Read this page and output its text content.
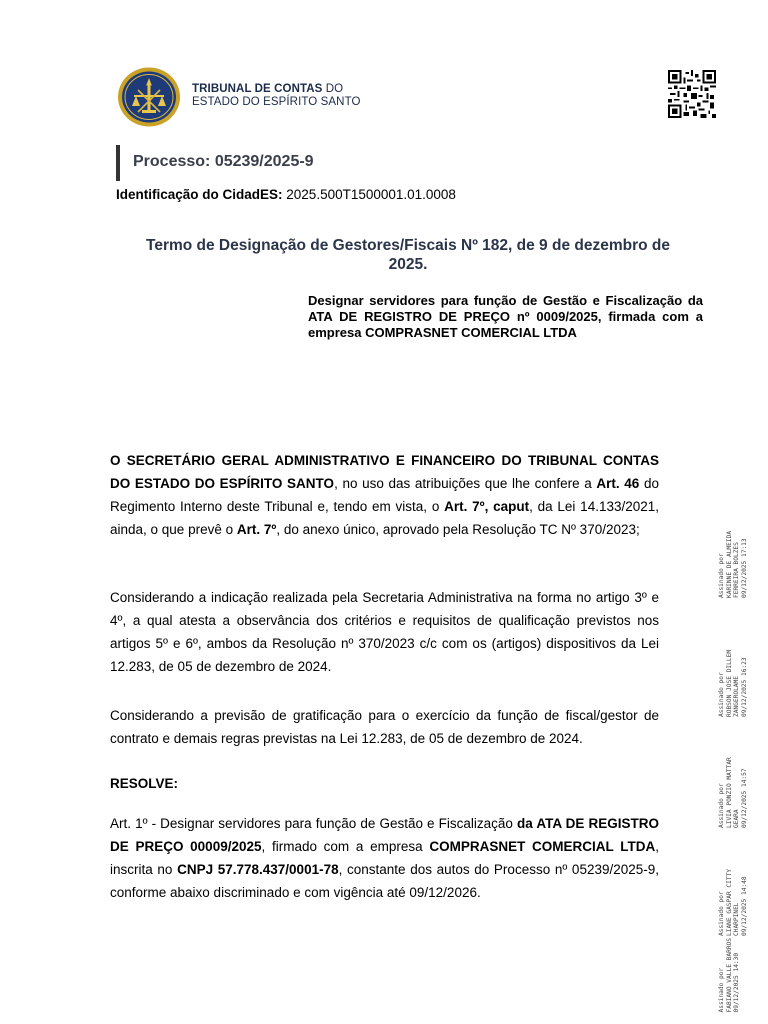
TRIBUNAL DE CONTAS DO
ESTADO DO ESPÍRITO SANTO
Processo: 05239/2025-9
Identificação do CidadES: 2025.500T1500001.01.0008
Termo de Designação de Gestores/Fiscais Nº 182, de 9 de dezembro de
2025.
Designar servidores para função de Gestão e Fiscalização da ATA DE REGISTRO DE PREÇO nº 0009/2025, firmada com a empresa COMPRASNET COMERCIAL LTDA

O SECRETÁRIO GERAL ADMINISTRATIVO E FINANCEIRO DO TRIBUNAL CONTAS DO ESTADO DO ESPÍRITO SANTO, no uso das atribuições que lhe confere a Art. 46 do Regimento Interno deste Tribunal e, tendo em vista, o Art. 7º, caput, da Lei 14.133/2021, ainda, o que prevê o Art. 7º, do anexo único, aprovado pela Resolução TC Nº 370/2023;

Considerando a indicação realizada pela Secretaria Administrativa na forma no artigo 3º e 4º, a qual atesta a observância dos critérios e requisitos de qualificação previstos nos artigos 5º e 6º, ambos da Resolução nº 370/2023 c/c com os (artigos) dispositivos da Lei 12.283, de 05 de dezembro de 2024.

Considerando a previsão de gratificação para o exercício da função de fiscal/gestor de contrato e demais regras previstas na Lei 12.283, de 05 de dezembro de 2024.

RESOLVE:

Art. 1º - Designar servidores para função de Gestão e Fiscalização da ATA DE REGISTRO DE PREÇO 00009/2025, firmado com a empresa COMPRASNET COMERCIAL LTDA, inscrita no CNPJ 57.778.437/0001-78, constante dos autos do Processo nº 05239/2025-9, conforme abaixo discriminado e com vigência até 09/12/2026.

Assinado por KARINNE DE ALMEIDA FERREIRA BOLZES 09/12/2025 17:13
Assinado por ROBSON JOSE DILLEM ZANGEROLAME 09/12/2025 16:23
Assinado por LIVIA PONZIO MATTAR GEARA 09/12/2025 14:57
Assinado por LIANE GASPAR CITTY CHARPINEL 09/12/2025 14:48
Assinado por FABIANO VALLE BARROS 09/12/2025 14:30
